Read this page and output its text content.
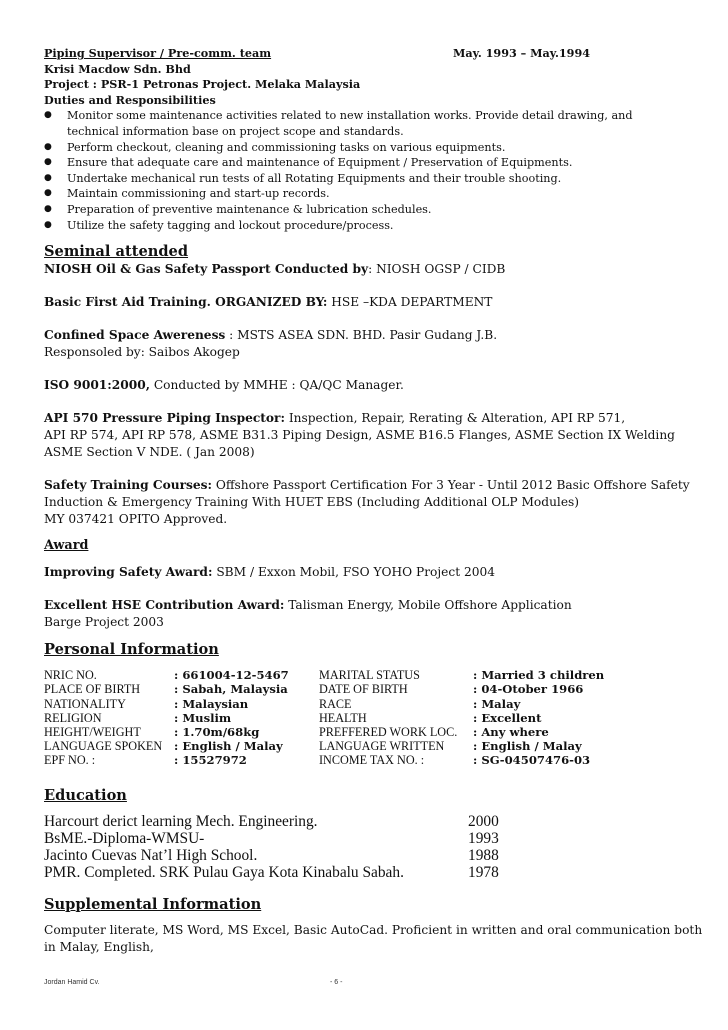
Piping Supervisor / Pre-comm. team	May. 1993 – May.1994
Krisi Macdow Sdn. Bhd
Project : PSR-1 Petronas Project. Melaka Malaysia
Duties and Responsibilities
● Monitor some maintenance activities related to new installation works. Provide detail drawing, and technical information base on project scope and standards.
● Perform checkout, cleaning and commissioning tasks on various equipments.
● Ensure that adequate care and maintenance of Equipment / Preservation of Equipments.
● Undertake mechanical run tests of all Rotating Equipments and their trouble shooting.
● Maintain commissioning and start-up records.
● Preparation of preventive maintenance & lubrication schedules.
● Utilize the safety tagging and lockout procedure/process.
Seminal attended
NIOSH Oil & Gas Safety Passport Conducted by: NIOSH OGSP / CIDB
Basic First Aid Training. ORGANIZED BY: HSE –KDA DEPARTMENT
Confined Space Awereness : MSTS ASEA SDN. BHD. Pasir Gudang J.B.
Responsoled by: Saibos Akogep
ISO 9001:2000, Conducted by MMHE : QA/QC Manager.
API 570 Pressure Piping Inspector: Inspection, Repair, Rerating & Alteration, API RP 571,
API RP 574, API RP 578, ASME B31.3 Piping Design, ASME B16.5 Flanges, ASME Section IX Welding
ASME Section V NDE. ( Jan 2008)
Safety Training Courses: Offshore Passport Certification For 3 Year - Until 2012 Basic Offshore Safety
Induction & Emergency Training With HUET EBS (Including Additional OLP Modules)
MY 037421 OPITO Approved.
Award
Improving Safety Award: SBM / Exxon Mobil, FSO YOHO Project 2004
Excellent HSE Contribution Award: Talisman Energy, Mobile Offshore Application
Barge Project 2003
Personal Information
NRIC NO.	: 661004-12-5467	MARITAL STATUS	: Married 3 children
PLACE OF BIRTH	: Sabah, Malaysia	DATE OF BIRTH	: 04-Otober 1966
NATIONALITY	: Malaysian	RACE	: Malay
RELIGION	: Muslim	HEALTH	: Excellent
HEIGHT/WEIGHT	: 1.70m/68kg	PREFFERED WORK LOC.	: Any where
LANGUAGE SPOKEN	: English / Malay	LANGUAGE WRITTEN	: English / Malay
EPF NO. :	: 15527972	INCOME TAX NO. :	: SG-04507476-03
Education
Harcourt derict learning Mech. Engineering.	2000
BsME.-Diploma-WMSU-	1993
Jacinto Cuevas Nat’l High School.	1988
PMR. Completed. SRK Pulau Gaya Kota Kinabalu Sabah.	1978
Supplemental Information
Computer literate, MS Word, MS Excel, Basic AutoCad. Proficient in written and oral communication both
in Malay, English,
Jordan Hamid Cv.	- 6 -
